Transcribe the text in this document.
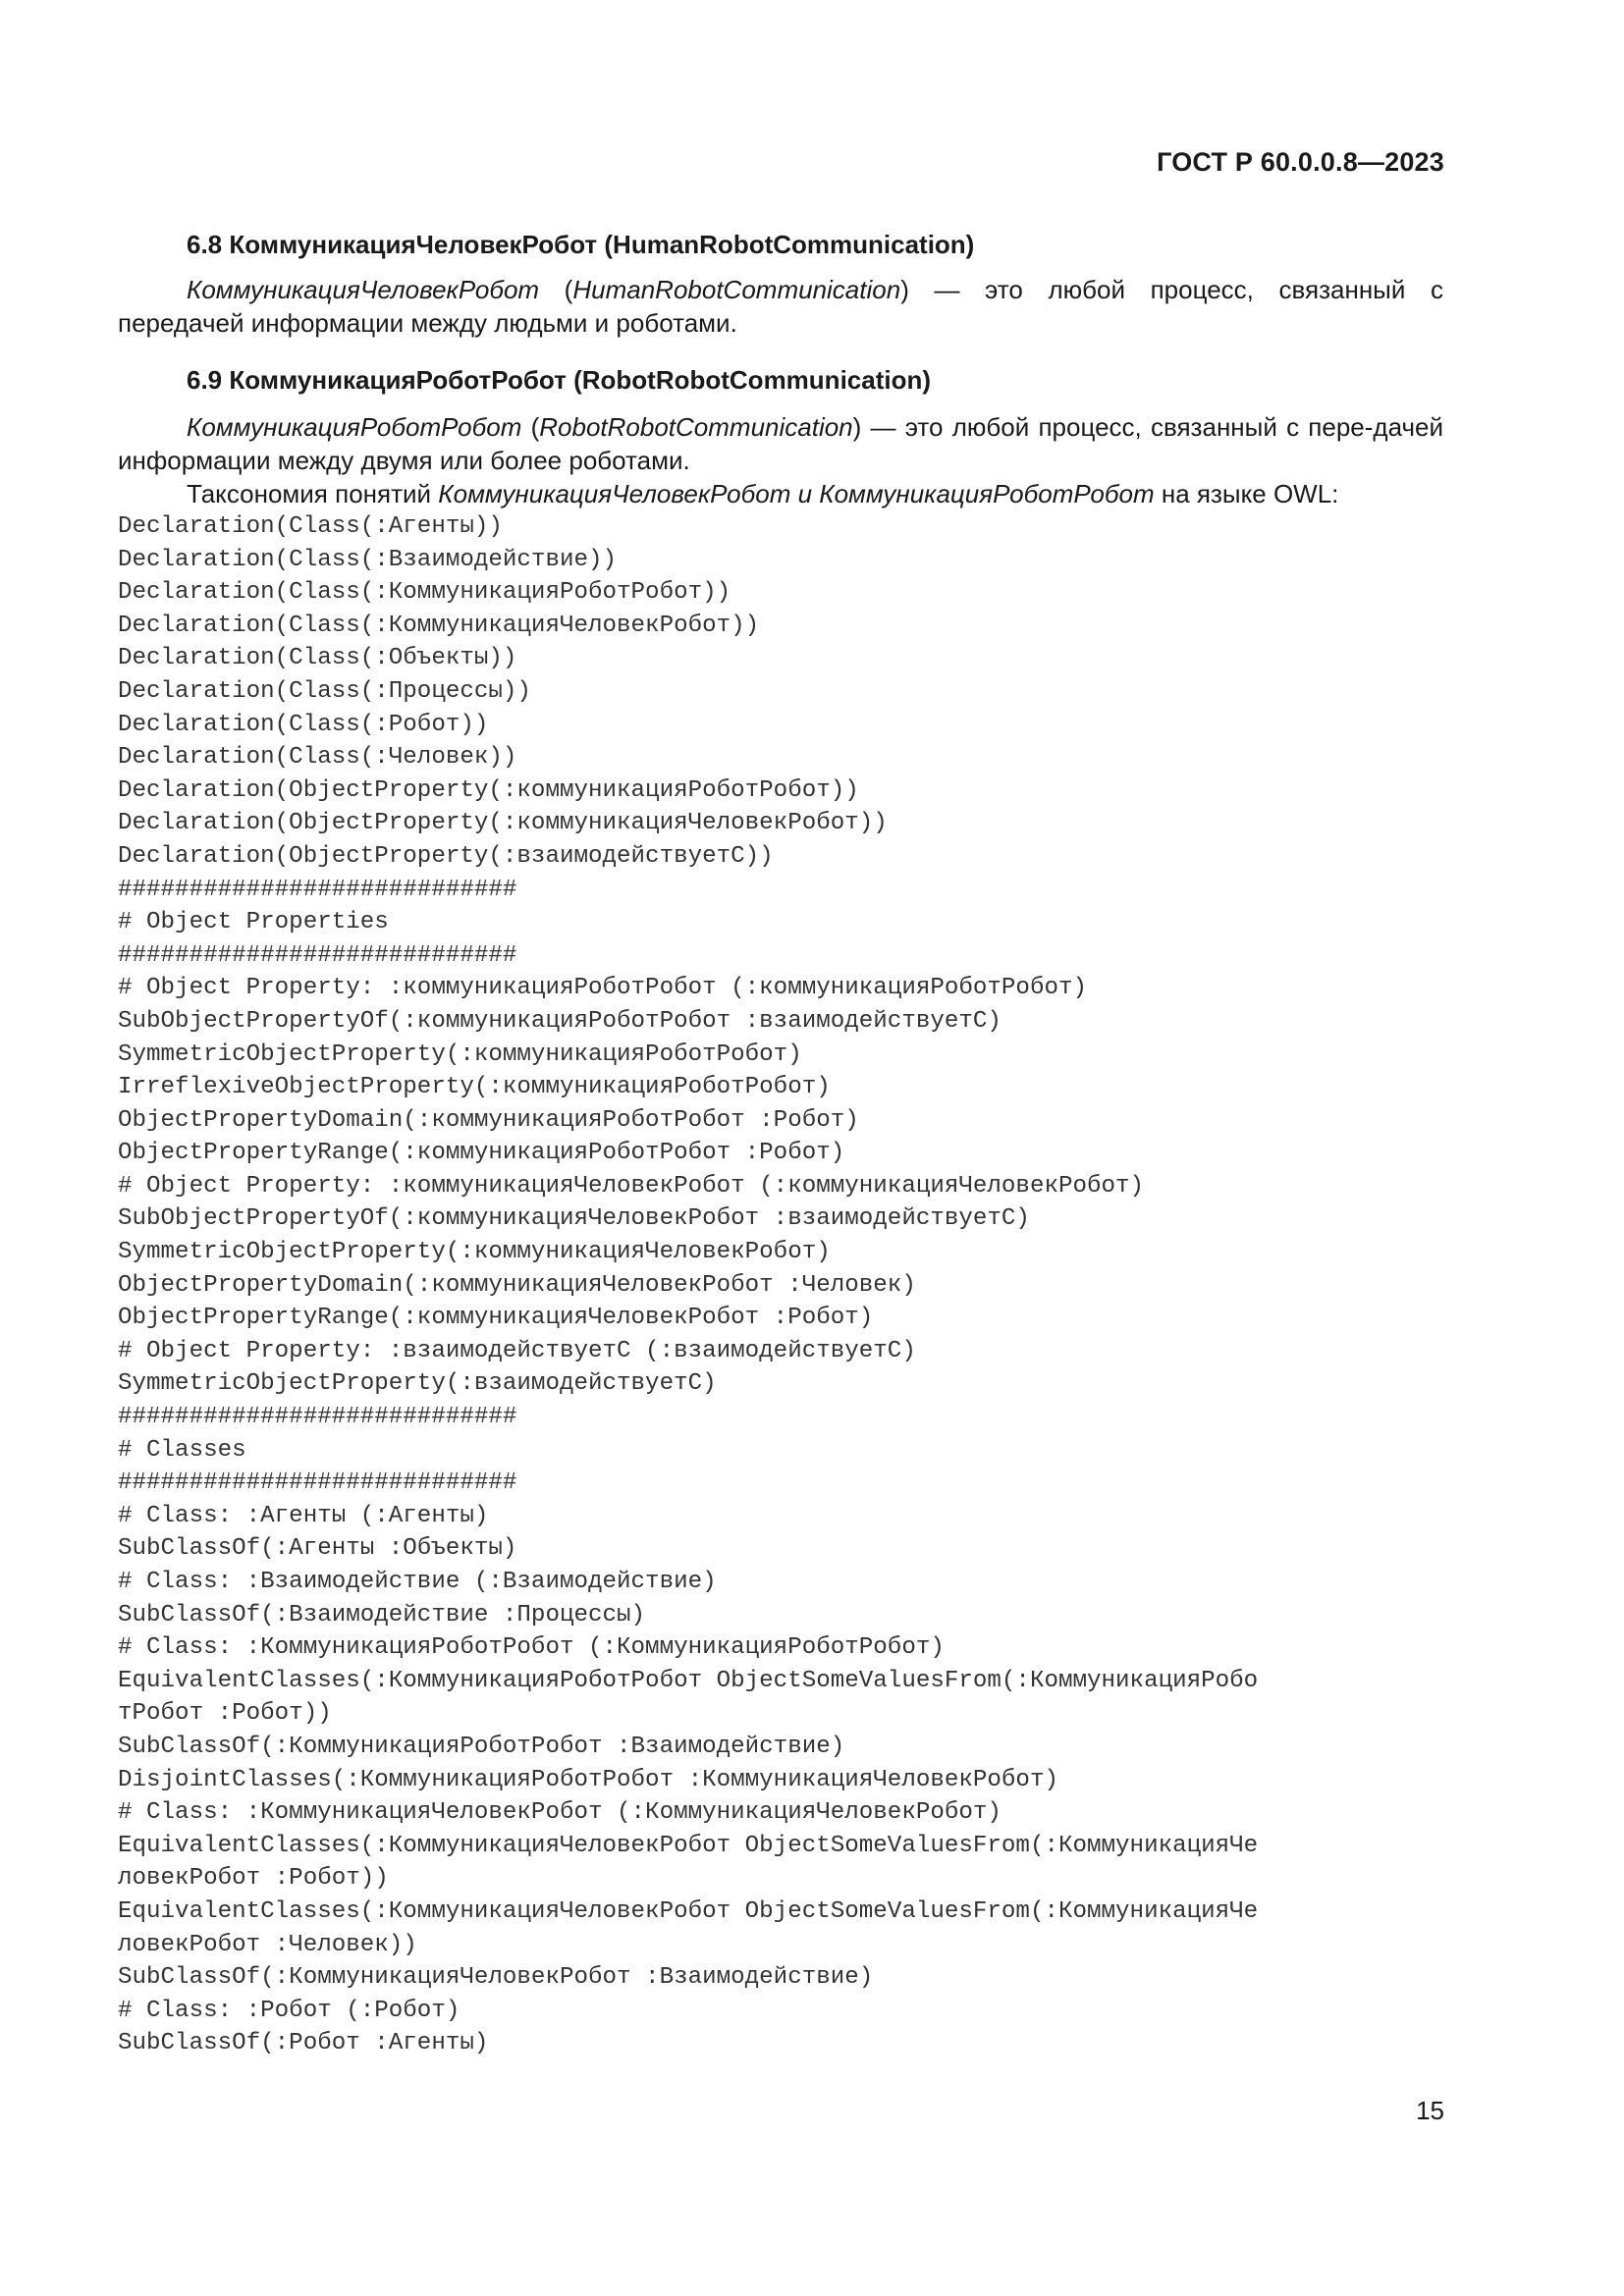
ГОСТ Р 60.0.0.8—2023
6.8 КоммуникацияЧеловекРобот (HumanRobotCommunication)

КоммуникацияЧеловекРобот (HumanRobotCommunication) — это любой процесс, связанный с передачей информации между людьми и роботами.

6.9 КоммуникацияРоботРобот (RobotRobotCommunication)

КоммуникацияРоботРобот (RobotRobotCommunication) — это любой процесс, связанный с пере-дачей информации между двумя или более роботами.

Таксономия понятий КоммуникацияЧеловекРобот и КоммуникацияРоботРобот на языке OWL:

Declaration(Class(:Агенты))
Declaration(Class(:Взаимодействие))
Declaration(Class(:КоммуникацияРоботРобот))
Declaration(Class(:КоммуникацияЧеловекРобот))
Declaration(Class(:Объекты))
Declaration(Class(:Процессы))
Declaration(Class(:Робот))
Declaration(Class(:Человек))
Declaration(ObjectProperty(:коммуникацияРоботРобот))
Declaration(ObjectProperty(:коммуникацияЧеловекРобот))
Declaration(ObjectProperty(:взаимодействуетС))
############################
# Object Properties
############################
# Object Property: :коммуникацияРоботРобот (:коммуникацияРоботРобот)
SubObjectPropertyOf(:коммуникацияРоботРобот :взаимодействуетС)
SymmetricObjectProperty(:коммуникацияРоботРобот)
IrreflexiveObjectProperty(:коммуникацияРоботРобот)
ObjectPropertyDomain(:коммуникацияРоботРобот :Робот)
ObjectPropertyRange(:коммуникацияРоботРобот :Робот)
# Object Property: :коммуникацияЧеловекРобот (:коммуникацияЧеловекРобот)
SubObjectPropertyOf(:коммуникацияЧеловекРобот :взаимодействуетС)
SymmetricObjectProperty(:коммуникацияЧеловекРобот)
ObjectPropertyDomain(:коммуникацияЧеловекРобот :Человек)
ObjectPropertyRange(:коммуникацияЧеловекРобот :Робот)
# Object Property: :взаимодействуетС (:взаимодействуетС)
SymmetricObjectProperty(:взаимодействуетС)
############################
# Classes
############################
# Class: :Агенты (:Агенты)
SubClassOf(:Агенты :Объекты)
# Class: :Взаимодействие (:Взаимодействие)
SubClassOf(:Взаимодействие :Процессы)
# Class: :КоммуникацияРоботРобот (:КоммуникацияРоботРобот)
EquivalentClasses(:КоммуникацияРоботРобот ObjectSomeValuesFrom(:КоммуникацияРобо
тРобот :Робот))
SubClassOf(:КоммуникацияРоботРобот :Взаимодействие)
DisjointClasses(:КоммуникацияРоботРобот :КоммуникацияЧеловекРобот)
# Class: :КоммуникацияЧеловекРобот (:КоммуникацияЧеловекРобот)
EquivalentClasses(:КоммуникацияЧеловекРобот ObjectSomeValuesFrom(:КоммуникацияЧе
ловекРобот :Робот))
EquivalentClasses(:КоммуникацияЧеловекРобот ObjectSomeValuesFrom(:КоммуникацияЧе
ловекРобот :Человек))
SubClassOf(:КоммуникацияЧеловекРобот :Взаимодействие)
# Class: :Робот (:Робот)
SubClassOf(:Робот :Агенты)
15
